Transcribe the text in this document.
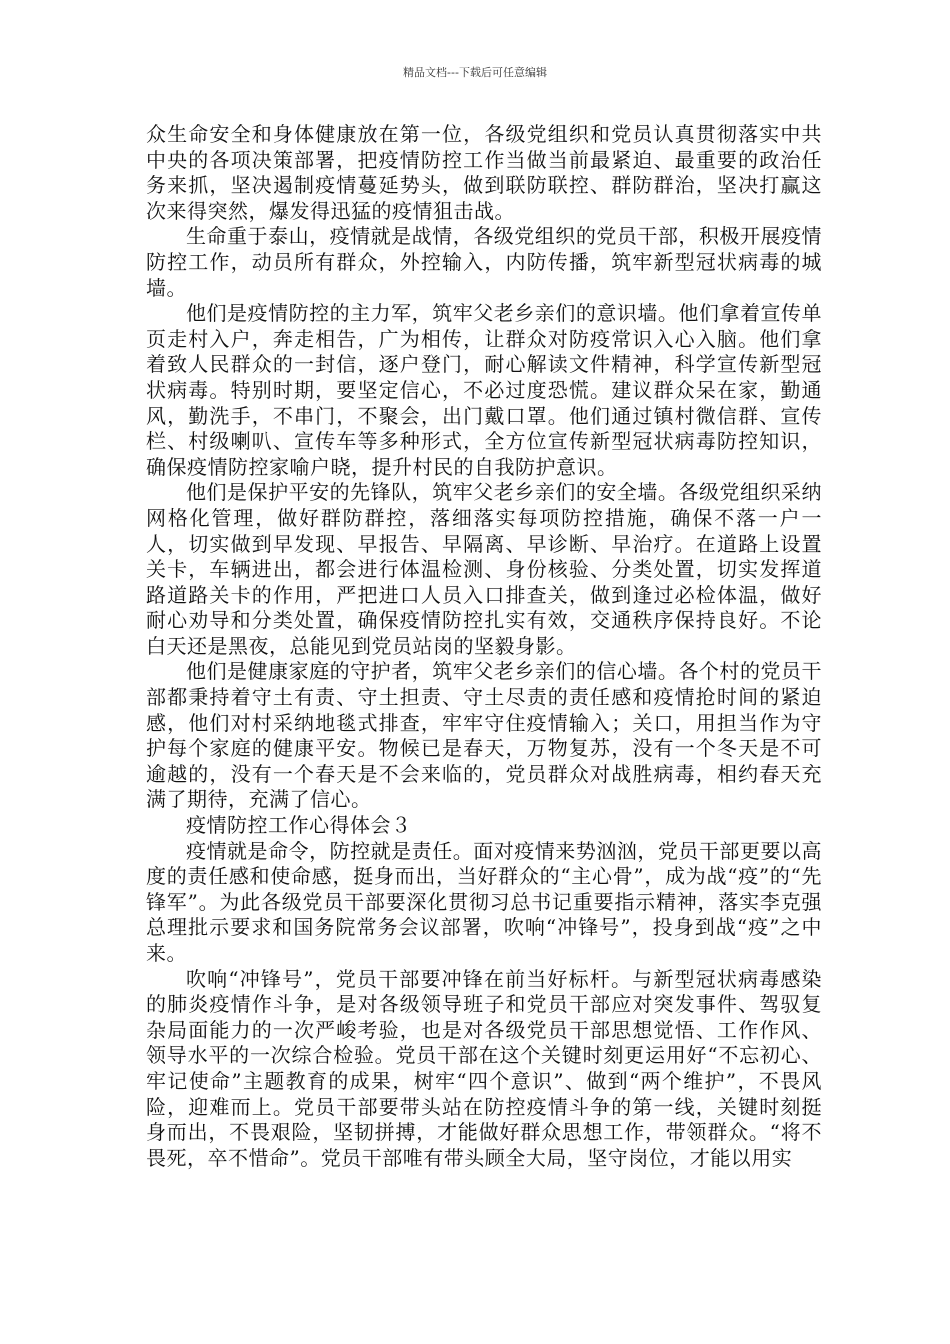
精品文档---下载后可任意编辑

众生命安全和身体健康放在第一位，各级党组织和党员认真贯彻落实中共中央的各项决策部署，把疫情防控工作当做当前最紧迫、最重要的政治任务来抓，坚决遏制疫情蔓延势头，做到联防联控、群防群治，坚决打赢这次来得突然，爆发得迅猛的疫情狙击战。

生命重于泰山，疫情就是战情，各级党组织的党员干部，积极开展疫情防控工作，动员所有群众，外控输入，内防传播，筑牢新型冠状病毒的城墙。

他们是疫情防控的主力军，筑牢父老乡亲们的意识墙。他们拿着宣传单页走村入户，奔走相告，广为相传，让群众对防疫常识入心入脑。他们拿着致人民群众的一封信，逐户登门，耐心解读文件精神，科学宣传新型冠状病毒。特别时期，要坚定信心，不必过度恐慌。建议群众呆在家，勤通风，勤洗手，不串门，不聚会，出门戴口罩。他们通过镇村微信群、宣传栏、村级喇叭、宣传车等多种形式，全方位宣传新型冠状病毒防控知识，确保疫情防控家喻户晓，提升村民的自我防护意识。

他们是保护平安的先锋队，筑牢父老乡亲们的安全墙。各级党组织采纳网格化管理，做好群防群控，落细落实每项防控措施，确保不落一户一人，切实做到早发现、早报告、早隔离、早诊断、早治疗。在道路上设置关卡，车辆进出，都会进行体温检测、身份核验、分类处置，切实发挥道路道路关卡的作用，严把进口人员入口排查关，做到逢过必检体温，做好耐心劝导和分类处置，确保疫情防控扎实有效，交通秩序保持良好。不论白天还是黑夜，总能见到党员站岗的坚毅身影。

他们是健康家庭的守护者，筑牢父老乡亲们的信心墙。各个村的党员干部都秉持着守土有责、守土担责、守土尽责的责任感和疫情抢时间的紧迫感，他们对村采纳地毯式排查，牢牢守住疫情输入；关口，用担当作为守护每个家庭的健康平安。物候已是春天，万物复苏，没有一个冬天是不可逾越的，没有一个春天是不会来临的，党员群众对战胜病毒，相约春天充满了期待，充满了信心。

疫情防控工作心得体会３

疫情就是命令，防控就是责任。面对疫情来势汹汹，党员干部更要以高度的责任感和使命感，挺身而出，当好群众的“主心骨”，成为战“疫”的“先锋军”。为此各级党员干部要深化贯彻习总书记重要指示精神，落实李克强总理批示要求和国务院常务会议部署，吹响“冲锋号”，投身到战“疫”之中来。

吹响“冲锋号”，党员干部要冲锋在前当好标杆。与新型冠状病毒感染的肺炎疫情作斗争，是对各级领导班子和党员干部应对突发事件、驾驭复杂局面能力的一次严峻考验，也是对各级党员干部思想觉悟、工作作风、领导水平的一次综合检验。党员干部在这个关键时刻更运用好“不忘初心、牢记使命”主题教育的成果，树牢“四个意识”、做到“两个维护”，不畏风险，迎难而上。党员干部要带头站在防控疫情斗争的第一线，关键时刻挺身而出，不畏艰险，坚韧拼搏，才能做好群众思想工作，带领群众。“将不畏死，卒不惜命”。党员干部唯有带头顾全大局，坚守岗位，才能以用实
